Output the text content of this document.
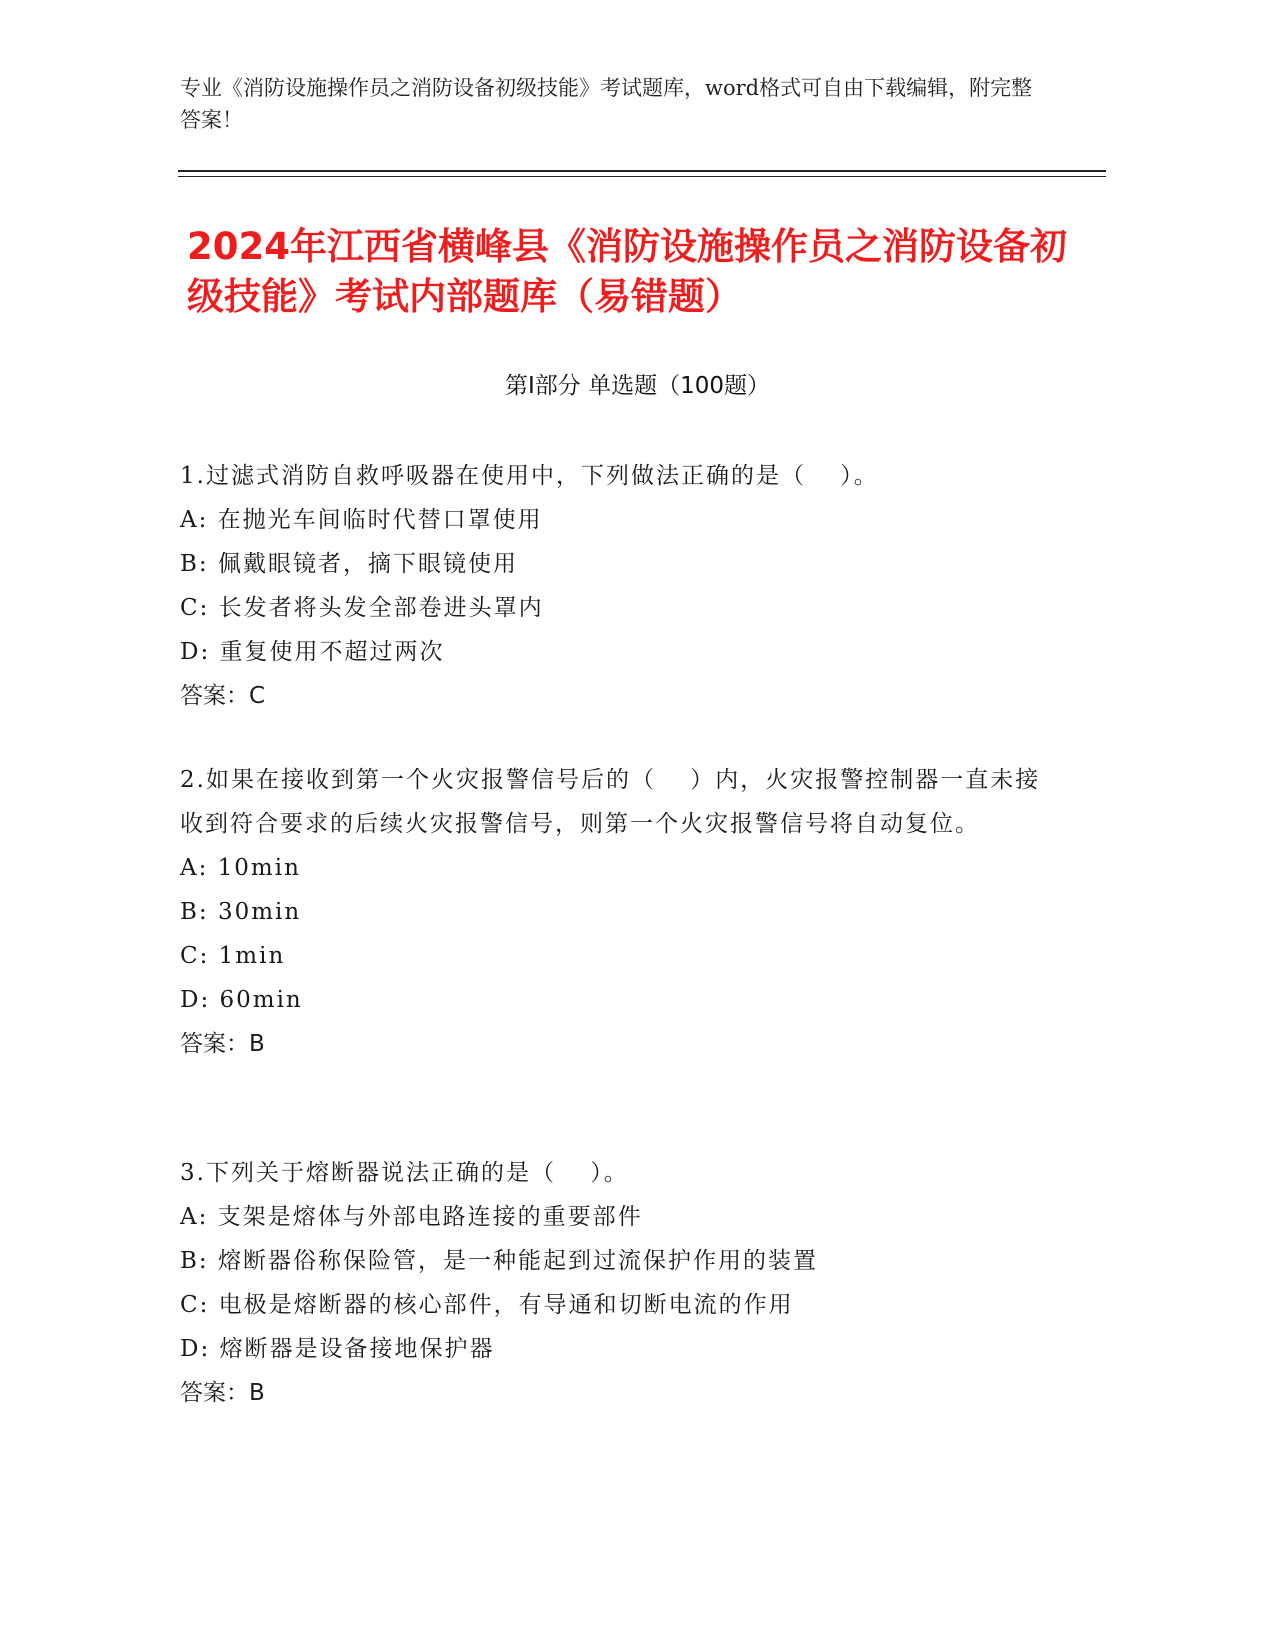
专业《消防设施操作员之消防设备初级技能》考试题库，word格式可自由下载编辑，附完整答案！
2024年江西省横峰县《消防设施操作员之消防设备初级技能》考试内部题库（易错题）
第Ⅰ部分 单选题（100题）
1.过滤式消防自救呼吸器在使用中，下列做法正确的是（　 ）。
A: 在抛光车间临时代替口罩使用
B: 佩戴眼镜者，摘下眼镜使用
C: 长发者将头发全部卷进头罩内
D: 重复使用不超过两次
答案：C
2.如果在接收到第一个火灾报警信号后的（　 ）内，火灾报警控制器一直未接收到符合要求的后续火灾报警信号，则第一个火灾报警信号将自动复位。
A: 10min
B: 30min
C: 1min
D: 60min
答案：B
3.下列关于熔断器说法正确的是（　 ）。
A: 支架是熔体与外部电路连接的重要部件
B: 熔断器俗称保险管，是一种能起到过流保护作用的装置
C: 电极是熔断器的核心部件，有导通和切断电流的作用
D: 熔断器是设备接地保护器
答案：B
